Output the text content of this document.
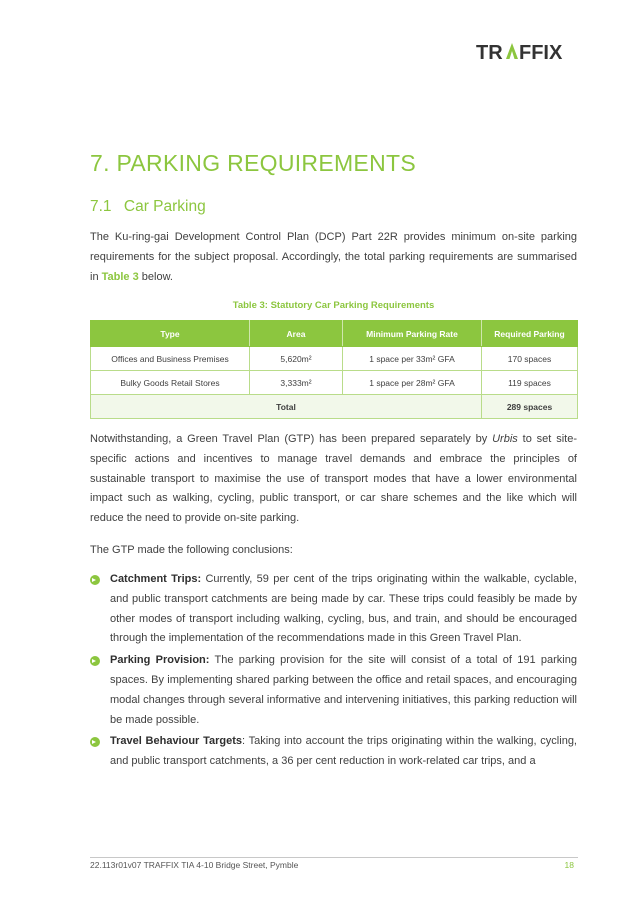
TR FFIX
7. PARKING REQUIREMENTS
7.1 Car Parking

The Ku-ring-gai Development Control Plan (DCP) Part 22R provides minimum on-site parking requirements for the subject proposal. Accordingly, the total parking requirements are summarised in Table 3 below.

Table 3: Statutory Car Parking Requirements

Type	Area	Minimum Parking Rate	Required Parking
Offices and Business Premises	5,620m²	1 space per 33m² GFA	170 spaces
Bulky Goods Retail Stores	3,333m²	1 space per 28m² GFA	119 spaces
Total			289 spaces

Notwithstanding, a Green Travel Plan (GTP) has been prepared separately by Urbis to set site-specific actions and incentives to manage travel demands and embrace the principles of sustainable transport to maximise the use of transport modes that have a lower environmental impact such as walking, cycling, public transport, or car share schemes and the like which will reduce the need to provide on-site parking.

The GTP made the following conclusions:

Catchment Trips: Currently, 59 per cent of the trips originating within the walkable, cyclable, and public transport catchments are being made by car. These trips could feasibly be made by other modes of transport including walking, cycling, bus, and train, and should be encouraged through the implementation of the recommendations made in this Green Travel Plan.
Parking Provision: The parking provision for the site will consist of a total of 191 parking spaces. By implementing shared parking between the office and retail spaces, and encouraging modal changes through several informative and intervening initiatives, this parking reduction will be made possible.
Travel Behaviour Targets: Taking into account the trips originating within the walking, cycling, and public transport catchments, a 36 per cent reduction in work-related car trips, and a
22.113r01v07 TRAFFIX TIA 4-10 Bridge Street, Pymble	18
